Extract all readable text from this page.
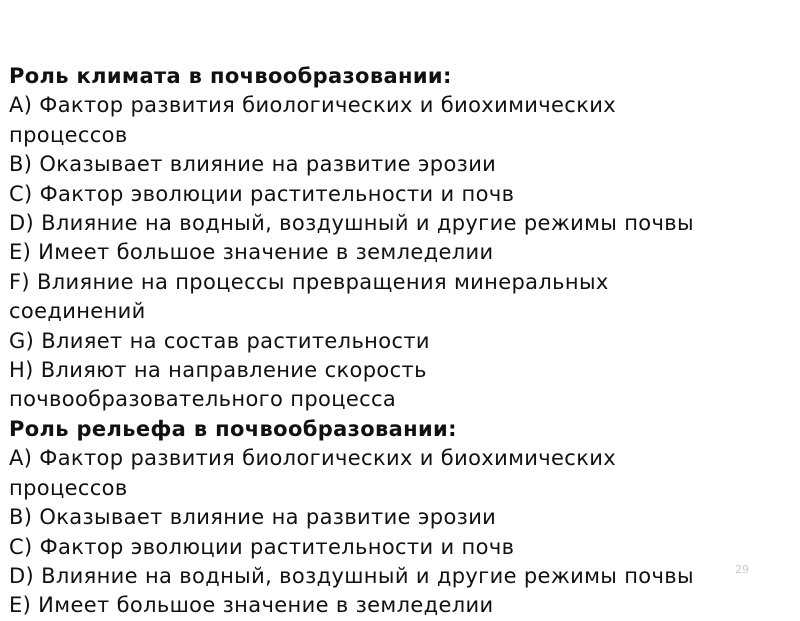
Роль климата в почвообразовании:
A) Фактор развития биологических и биохимических
процессов
B) Оказывает влияние на развитие эрозии
C) Фактор эволюции растительности и почв
D) Влияние на водный, воздушный и другие режимы почвы
E) Имеет большое значение в земледелии
F) Влияние на процессы превращения минеральных
соединений
G) Влияет на состав растительности
H) Влияют на направление скорость
почвообразовательного процесса
Роль рельефа в почвообразовании:
A) Фактор развития биологических и биохимических
процессов
B) Оказывает влияние на развитие эрозии
C) Фактор эволюции растительности и почв
D) Влияние на водный, воздушный и другие режимы почвы
E) Имеет большое значение в земледелии
29
